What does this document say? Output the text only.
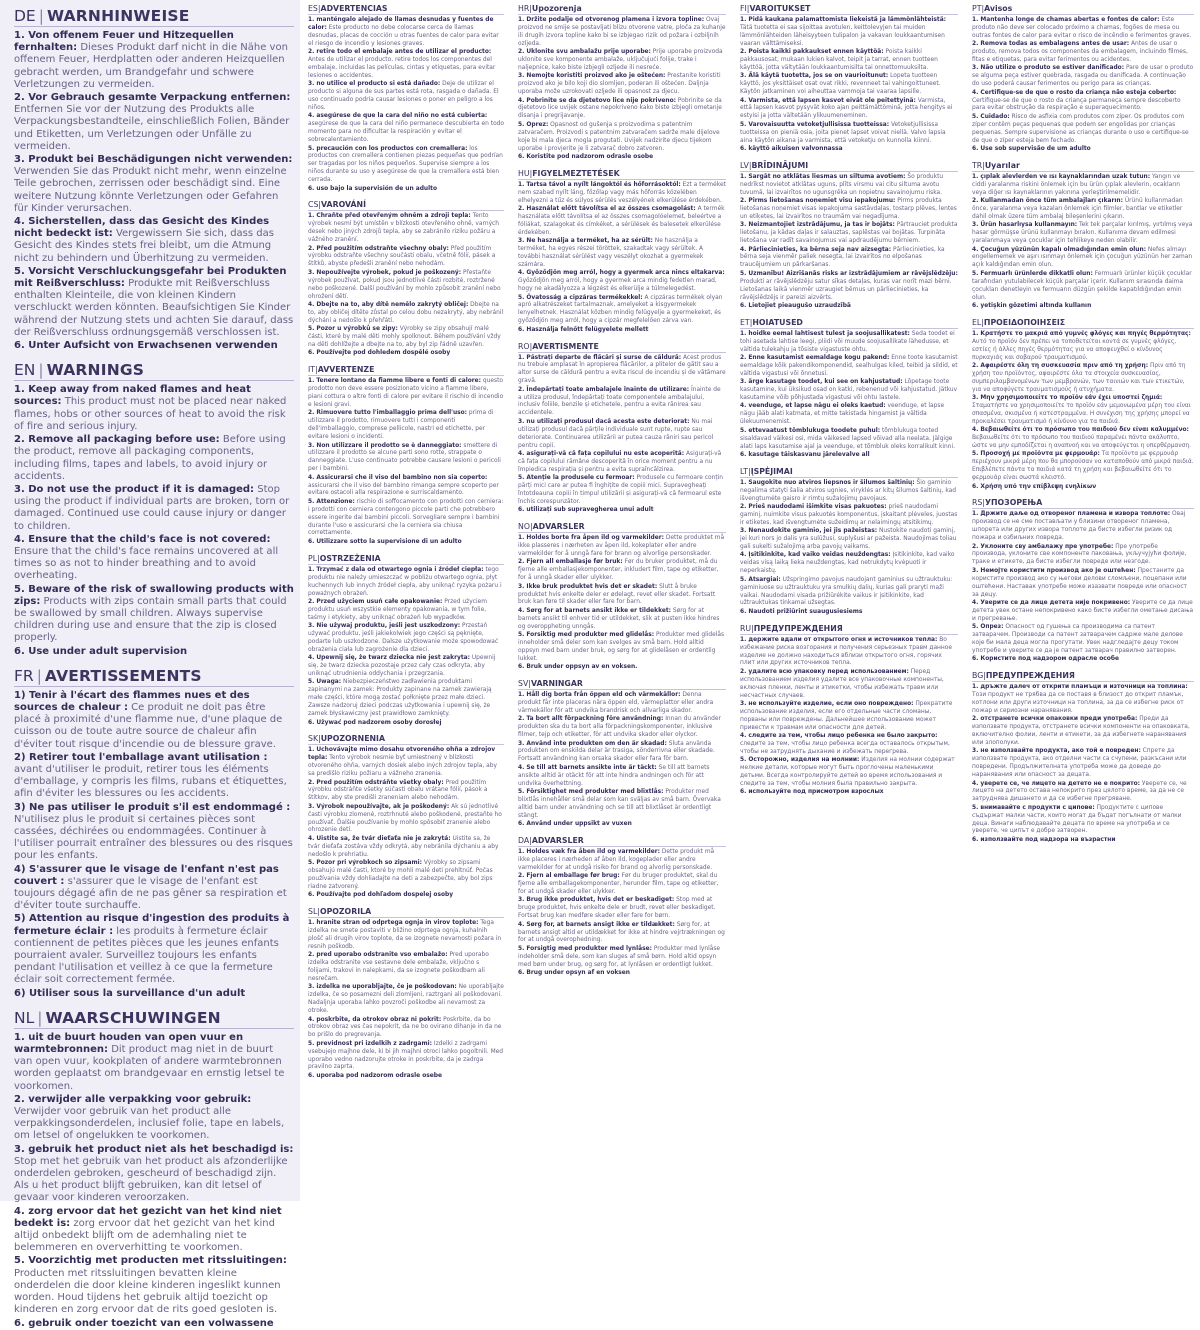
DE | WARNHINWEISE
1. Von offenem Feuer und Hitzequellen fernhalten: Dieses Produkt darf nicht in die Nähe von offenem Feuer, Herdplatten oder anderen Heizquellen gebracht werden, um Brandgefahr und schwere Verletzungen zu vermeiden.
2. Vor Gebrauch gesamte Verpackung entfernen: Entfernen Sie vor der Nutzung des Produkts alle Verpackungsbestandteile, einschließlich Folien, Bänder und Etiketten, um Verletzungen oder Unfälle zu vermeiden.
3. Produkt bei Beschädigungen nicht verwenden: Verwenden Sie das Produkt nicht mehr, wenn einzelne Teile gebrochen, zerrissen oder beschädigt sind. Eine weitere Nutzung könnte Verletzungen oder Gefahren für Kinder verursachen.
4. Sicherstellen, dass das Gesicht des Kindes nicht bedeckt ist: Vergewissern Sie sich, dass das Gesicht des Kindes stets frei bleibt, um die Atmung nicht zu behindern und Überhitzung zu vermeiden.
5. Vorsicht Verschluckungsgefahr bei Produkten mit Reißverschluss: Produkte mit Reißverschluss enthalten Kleinteile, die von kleinen Kindern verschluckt werden könnten. Beaufsichtigen Sie Kinder während der Nutzung stets und achten Sie darauf, dass der Reißverschluss ordnungsgemäß verschlossen ist.
6. Unter Aufsicht von Erwachsenen verwenden
EN | WARNINGS
1. Keep away from naked flames and heat sources: This product must not be placed near naked flames, hobs or other sources of heat to avoid the risk of fire and serious injury.
2. Remove all packaging before use: Before using the product, remove all packaging components, including films, tapes and labels, to avoid injury or accidents.
3. Do not use the product if it is damaged: Stop using the product if individual parts are broken, torn or damaged. Continued use could cause injury or danger to children.
4. Ensure that the child's face is not covered: Ensure that the child's face remains uncovered at all times so as not to hinder breathing and to avoid overheating.
5. Beware of the risk of swallowing products with zips: Products with zips contain small parts that could be swallowed by small children. Always supervise children during use and ensure that the zip is closed properly.
6. Use under adult supervision
FR | AVERTISSEMENTS
1) Tenir à l'écart des flammes nues et des sources de chaleur : Ce produit ne doit pas être placé à proximité d'une flamme nue, d'une plaque de cuisson ou de toute autre source de chaleur afin d'éviter tout risque d'incendie ou de blessure grave.
2) Retirer tout l'emballage avant utilisation : avant d'utiliser le produit, retirer tous les éléments d'emballage, y compris les films, rubans et étiquettes, afin d'éviter les blessures ou les accidents.
3) Ne pas utiliser le produit s'il est endommagé : N'utilisez plus le produit si certaines pièces sont cassées, déchirées ou endommagées. Continuer à l'utiliser pourrait entraîner des blessures ou des risques pour les enfants.
4) S'assurer que le visage de l'enfant n'est pas couvert : s'assurer que le visage de l'enfant est toujours dégagé afin de ne pas gêner sa respiration et d'éviter toute surchauffe.
5) Attention au risque d'ingestion des produits à fermeture éclair : les produits à fermeture éclair contiennent de petites pièces que les jeunes enfants pourraient avaler. Surveillez toujours les enfants pendant l'utilisation et veillez à ce que la fermeture éclair soit correctement fermée.
6) Utiliser sous la surveillance d'un adult
NL | WAARSCHUWINGEN
1. uit de buurt houden van open vuur en warmtebronnen: Dit product mag niet in de buurt van open vuur, kookplaten of andere warmtebronnen worden geplaatst om brandgevaar en ernstig letsel te voorkomen.
2. verwijder alle verpakking voor gebruik: Verwijder voor gebruik van het product alle verpakkingsonderdelen, inclusief folie, tape en labels, om letsel of ongelukken te voorkomen.
3. gebruik het product niet als het beschadigd is: Stop met het gebruik van het product als afzonderlijke onderdelen gebroken, gescheurd of beschadigd zijn. Als u het product blijft gebruiken, kan dit letsel of gevaar voor kinderen veroorzaken.
4. zorg ervoor dat het gezicht van het kind niet bedekt is: zorg ervoor dat het gezicht van het kind altijd onbedekt blijft om de ademhaling niet te belemmeren en oververhitting te voorkomen.
5. Voorzichtig met producten met ritssluitingen: Producten met ritssluitingen bevatten kleine onderdelen die door kleine kinderen ingeslikt kunnen worden. Houd tijdens het gebruik altijd toezicht op kinderen en zorg ervoor dat de rits goed gesloten is.
6. gebruik onder toezicht van een volwassene
ES|ADVERTENCIAS
1. manténgalo alejado de llamas desnudas y fuentes de calor: Este producto no debe colocarse cerca de llamas desnudas, placas de cocción u otras fuentes de calor para evitar el riesgo de incendio y lesiones graves.
2. retire todo el embalaje antes de utilizar el producto: Antes de utilizar el producto, retire todos los componentes del embalaje, incluidas las películas, cintas y etiquetas, para evitar lesiones o accidentes.
3. no utilice el producto si está dañado: Deje de utilizar el producto si alguna de sus partes está rota, rasgada o dañada. El uso continuado podría causar lesiones o poner en peligro a los niños.
4. asegúrese de que la cara del niño no está cubierta: asegúrese de que la cara del niño permanece descubierta en todo momento para no dificultar la respiración y evitar el sobrecalentamiento.
5. precaución con los productos con cremallera: los productos con cremallera contienen piezas pequeñas que podrían ser tragadas por los niños pequeños. Supervise siempre a los niños durante su uso y asegúrese de que la cremallera está bien cerrada.
6. uso bajo la supervisión de un adulto
CS|VAROVÁNÍ
1. Chraňte před otevřeným ohněm a zdroji tepla: Tento výrobek nesmí být umístěn v blízkosti otevřeného ohně, varných desek nebo jiných zdrojů tepla, aby se zabránilo riziku požáru a vážného zranění.
2. Před použitím odstraňte všechny obaly: Před použitím výrobku odstraňte všechny součásti obalu, včetně fólií, pásek a štítků, abyste předešli zranění nebo nehodám.
3. Nepoužívejte výrobek, pokud je poškozený: Přestaňte výrobek používat, pokud jsou jednotlivé části rozbité, roztržené nebo poškozené. Další používání by mohlo způsobit zranění nebo ohrožení dětí.
4. Dbejte na to, aby dítě nemělo zakrytý obličej: Dbejte na to, aby obličej dítěte zůstal po celou dobu nezakrytý, aby nebránil dýchání a nedošlo k přehřátí.
5. Pozor u výrobků se zipy: Výrobky se zipy obsahují malé části, které by malé děti mohly spolknout. Během používání vždy na děti dohlížejte a dbejte na to, aby byl zip řádně uzavřen.
6. Používejte pod dohledem dospělé osoby
IT|AVVERTENZE
1. Tenere lontano da fiamme libere e fonti di calore: questo prodotto non deve essere posizionato vicino a fiamme libere, piani cottura o altre fonti di calore per evitare il rischio di incendio e lesioni gravi.
2. Rimuovere tutto l'imballaggio prima dell'uso: prima di utilizzare il prodotto, rimuovere tutti i componenti dell'imballaggio, comprese pellicole, nastri ed etichette, per evitare lesioni o incidenti.
3. Non utilizzare il prodotto se è danneggiato: smettere di utilizzare il prodotto se alcune parti sono rotte, strappate o danneggiate. L'uso continuato potrebbe causare lesioni o pericoli per i bambini.
4. Assicurarsi che il viso del bambino non sia coperto: assicurarsi che il viso del bambino rimanga sempre scoperto per evitare ostacoli alla respirazione e surriscaldamento.
5. Attenzione: rischio di soffocamento con prodotti con cerniera: i prodotti con cerniera contengono piccole parti che potrebbero essere ingerite dai bambini piccoli. Sorvegliare sempre i bambini durante l'uso e assicurarsi che la cerniera sia chiusa correttamente.
6. Utilizzare sotto la supervisione di un adulto
PL|OSTRZEŻENIA
1. Trzymać z dala od otwartego ognia i źródeł ciepła: tego produktu nie należy umieszczać w pobliżu otwartego ognia, płyt kuchennych lub innych źródeł ciepła, aby uniknąć ryzyka pożaru i poważnych obrażeń.
2. Przed użyciem usuń całe opakowanie: Przed użyciem produktu usuń wszystkie elementy opakowania, w tym folie, taśmy i etykiety, aby uniknąć obrażeń lub wypadków.
3. Nie używaj produktu, jeśli jest uszkodzony: Przestań używać produktu, jeśli jakiekolwiek jego części są pęknięte, podarte lub uszkodzone. Dalsze użytkowanie może spowodować obrażenia ciała lub zagrożenie dla dzieci.
4. Upewnij się, że twarz dziecka nie jest zakryta: Upewnij się, że twarz dziecka pozostaje przez cały czas odkryta, aby uniknąć utrudnienia oddychania i przegrzania.
5. Uwaga: Niebezpieczeństwo zadławienia produktami zapinanymi na zamek: Produkty zapinane na zamek zawierają małe części, które mogą zostać połknięte przez małe dzieci. Zawsze nadzoruj dzieci podczas użytkowania i upewnij się, że zamek błyskawiczny jest prawidłowo zamknięty.
6. Używać pod nadzorem osoby dorosłej
SK|UPOZORNENIA
1. Uchovávajte mimo dosahu otvoreného ohňa a zdrojov tepla: Tento výrobok nesmie byť umiestnený v blízkosti otvoreného ohňa, varných dosiek alebo iných zdrojov tepla, aby sa predišlo riziku požiaru a vážneho zranenia.
2. Pred použitím odstráňte všetky obaly: Pred použitím výrobku odstráňte všetky súčasti obalu vrátane fólií, pások a štítkov, aby ste predišli zraneniam alebo nehodám.
3. Výrobok nepoužívajte, ak je poškodený: Ak sú jednotlivé časti výrobku zlomené, roztrhnuté alebo poškodené, prestaňte ho používať. Ďalšie používanie by mohlo spôsobiť zranenie alebo ohrozenie detí.
4. Uistite sa, že tvár dieťaťa nie je zakrytá: Uistite sa, že tvár dieťaťa zostáva vždy odkrytá, aby nebránila dýchaniu a aby nedošlo k prehriatiu.
5. Pozor pri výrobkoch so zipsami: Výrobky so zipsami obsahujú malé časti, ktoré by mohli malé deti prehltnúť. Počas používania vždy dohliadajte na deti a zabezpečte, aby bol zips riadne zatvorený.
6. Používajte pod dohľadom dospelej osoby
SL|OPOZORILA
1. hranite stran od odprtega ognja in virov toplote: Tega izdelka ne smete postaviti v bližino odprtega ognja, kuhalnih plošč ali drugih virov toplote, da se izognete nevarnosti požara in resnih poškodb.
2. pred uporabo odstranite vso embalažo: Pred uporabo izdelka odstranite vse sestavne dele embalaže, vključno s folijami, trakovi in nalepkami, da se izognete poškodbam ali nesrečam.
3. izdelka ne uporabljajte, če je poškodovan: Ne uporabljajte izdelka, če so posamezni deli zlomljeni, raztrgani ali poškodovani. Nadaljnja uporaba lahko povzroči poškodbe ali nevarnost za otroke.
4. poskrbite, da otrokov obraz ni pokrit: Poskrbite, da bo otrokov obraz ves čas nepokrit, da ne bo oviranо dihanje in da ne bo prišlo do pregrevanja.
5. previdnost pri izdelkih z zadrgami: Izdelki z zadrgami vsebujejo majhne dele, ki bi jih majhni otroci lahko pogoltnili. Med uporabo vedno nadzorujte otroke in poskrbite, da je zadrga pravilno zaprta.
6. uporaba pod nadzorom odrasle osebe
HR|Upozorenja
1. Držite podalje od otvorenog plamena i izvora topline: Ovaj proizvod ne smije se postavljati blizu otvorene vatre, ploča za kuhanje ili drugih izvora topline kako bi se izbjegao rizik od požara i ozbiljnih ozljeda.
2. Uklonite svu ambalažu prije uporabe: Prije uporabe proizvoda uklonite sve komponente ambalaže, uključujući folije, trake i naljepnice, kako biste izbjegli ozljede ili nesreće.
3. Nemojte koristiti proizvod ako je oštećen: Prestanite koristiti proizvod ako je bilo koji dio slomljen, poderan ili oštećen. Daljnja uporaba može uzrokovati ozljede ili opasnost za djecu.
4. Pobrinite se da djetetovo lice nije pokriveno: Pobrinite se da djetetovo lice uvijek ostane nepokriveno kako biste izbjegli ometanje disanja i pregrijavanje.
5. Oprez: Opasnost od gušenja s proizvodima s patentnim zatvaračem. Proizvodi s patentnim zatvaračem sadrže male dijelove koje bi mala djeca mogla progutati. Uvijek nadzirite djecu tijekom uporabe i provjerite je li zatvarač dobro zatvoren.
6. Koristite pod nadzorom odrasle osobe
HU|FIGYELMEZTETÉSEK
1. Tartsa távol a nyílt lángoktól és hőforrásoktól: Ezt a terméket nem szabad nyílt láng, főzőlap vagy más hőforrás közelében elhelyezni a tűz és súlyos sérülés veszélyének elkerülése érdekében.
2. Használat előtt távolítsa el az összes csomagolást: A termék használata előtt távolítsa el az összes csomagolóelemet, beleértve a fóliákat, szalagokat és címkéket, a sérülések és balesetek elkerülése érdekében.
3. Ne használja a terméket, ha az sérült: Ne használja a terméket, ha egyes részei töröttek, szakadtak vagy sérültek. A további használat sérülést vagy veszélyt okozhat a gyermekek számára.
4. Győződjön meg arról, hogy a gyermek arca nincs eltakarva: Győződjön meg arról, hogy a gyermek arca mindig fedetlen marad, hogy ne akadályozza a légzést és elkerülje a túlmelegedést.
5. Óvatosság a cipzáras termékekkel: A cipzáras termékek olyan apró alkatrészeket tartalmaznak, amelyeket a kisgyermekek lenyelhetnek. Használat közben mindig felügyelje a gyermekeket, és győződjön meg arról, hogy a cipzár megfelelően zárva van.
6. Használja felnőtt felügyelete mellett
RO|AVERTISMENTE
1. Păstrați departe de flăcări și surse de căldură: Acest produs nu trebuie amplasat în apropierea flăcărilor, a plitelor de gătit sau a altor surse de căldură pentru a evita riscul de incendiu și de vătămare gravă.
2. Îndepărtați toate ambalajele înainte de utilizare: Înainte de a utiliza produsul, îndepărtați toate componentele ambalajului, inclusiv foliile, benzile și etichetele, pentru a evita rănirea sau accidentele.
3. nu utilizați produsul dacă acesta este deteriorat: Nu mai utilizați produsul dacă părțile individuale sunt rupte, rupte sau deteriorate. Continuarea utilizării ar putea cauza răniri sau pericol pentru copii.
4. asigurați-vă că fața copilului nu este acoperită: Asigurați-vă că fața copilului rămâne descoperită în orice moment pentru a nu împiedica respirația și pentru a evita supraîncălzirea.
5. Atenție la produsele cu fermoar: Produsele cu fermoare conțin părți mici care ar putea fi înghițite de copiii mici. Supravegheați întotdeauna copiii în timpul utilizării și asigurați-vă că fermoarul este închis corespunzător.
6. utilizați sub supravegherea unui adult
NO|ADVARSLER
1. Holdes borte fra åpen ild og varmekilder: Dette produktet må ikke plasseres i nærheten av åpen ild, kokeplater eller andre varmekilder for å unngå fare for brann og alvorlige personskader.
2. Fjern all emballasje før bruk: Før du bruker produktet, må du fjerne alle emballasjekomponenter, inkludert film, tape og etiketter, for å unngå skader eller ulykker.
3. Ikke bruk produktet hvis det er skadet: Slutt å bruke produktet hvis enkelte deler er ødelagt, revet eller skadet. Fortsatt bruk kan føre til skader eller fare for barn.
4. Sørg for at barnets ansikt ikke er tildekket: Sørg for at barnets ansikt til enhver tid er utildekket, slik at pusten ikke hindres og overoppheting unngås.
5. Forsiktig med produkter med glidelås: Produkter med glidelås inneholder små deler som kan svelges av små barn. Hold alltid oppsyn med barn under bruk, og sørg for at glidelåsen er ordentlig lukket.
6. Bruk under oppsyn av en voksen.
SV|VARNINGAR
1. Håll dig borta från öppen eld och värmekällor: Denna produkt får inte placeras nära öppen eld, värmeplattor eller andra värmekällor för att undvika brandrisk och allvarliga skador.
2. Ta bort allt förpackning före användning: Innan du använder produkten ska du ta bort alla förpackningskomponenter, inklusive filmer, tejp och etiketter, för att undvika skador eller olyckor.
3. Använd inte produkten om den är skadad: Sluta använda produkten om enskilda delar är trasiga, sönderrivna eller skadade. Fortsatt användning kan orsaka skador eller fara för barn.
4. Se till att barnets ansikte inte är täckt: Se till att barnets ansikte alltid är otäckt för att inte hindra andningen och för att undvika överhettning.
5. Försiktighet med produkter med blixtlås: Produkter med blixtlås innehåller små delar som kan sväljas av små barn. Övervaka alltid barn under användning och se till att blixtlåset är ordentligt stängt.
6. Använd under uppsikt av vuxen
DA|ADVARSLER
1. Holdes væk fra åben ild og varmekilder: Dette produkt må ikke placeres i nærheden af åben ild, kogeplader eller andre varmekilder for at undgå risiko for brand og alvorlig personskade.
2. Fjern al emballage før brug: Før du bruger produktet, skal du fjerne alle emballagekomponenter, herunder film, tape og etiketter, for at undgå skader eller ulykker.
3. Brug ikke produktet, hvis det er beskadiget: Stop med at bruge produktet, hvis enkelte dele er brudt, revet eller beskadiget. Fortsat brug kan medføre skader eller fare for børn.
4. Sørg for, at barnets ansigt ikke er tildækket: Sørg for, at barnets ansigt altid er utildækket for ikke at hindre vejrtrækningen og for at undgå overophedning.
5. Forsigtig med produkter med lynlåse: Produkter med lynlåse indeholder små dele, som kan sluges af små børn. Hold altid opsyn med børn under brug, og sørg for, at lynlåsen er ordentligt lukket.
6. Brug under opsyn af en voksen
FI|VAROITUKSET
1. Pidä kaukana palamattomista liekeistä ja lämmönlähteistä: Tätä tuotetta ei saa sijoittaa avotulen, keittolevyjen tai muiden lämmönlähteiden läheisyyteen tulipalon ja vakavan loukkaantumisen vaaran välttämiseksi.
2. Poista kaikki pakkaukset ennen käyttöä: Poista kaikki pakkausosat, mukaan lukien kalvot, teipit ja tarrat, ennen tuotteen käyttöä, jotta vältytään loukkaantumisilta tai onnettomuuksilta.
3. Älä käytä tuotetta, jos se on vaurioitunut: Lopeta tuotteen käyttö, jos yksittäiset osat ovat rikki, revenneet tai vahingoittuneet. Käytön jatkaminen voi aiheuttaa vammoja tai vaaraa lapsille.
4. Varmista, että lapsen kasvot eivät ole peitettyinä: Varmista, että lapsen kasvot pysyvät koko ajan peittämättöminä, jotta hengitys ei estyisi ja jotta vältetään ylikuumeneminen.
5. Varovaisuutta vetoketjullisissa tuotteissa: Vetoketjullisissa tuotteissa on pieniä osia, joita pienet lapset voivat niellä. Valvo lapsia aina käytön aikana ja varmista, että vetoketju on kunnolla kiinni.
6. käyttö aikuisen valvonnassa
LV|BRĪDINĀJUMI
1. Sargāt no atklātas liesmas un siltuma avotiem: Šo produktu nedrīkst novietot atklātas uguns, plīts virsmu vai citu siltuma avotu tuvumā, lai izvairītos no ugunsgrēka un nopietnu savainojumu riska.
2. Pirms lietošanas noņemiet visu iepakojumu: Pirms produkta lietošanas noņemiet visas iepakojuma sastāvdaļas, tostarp plēves, lentes un etiķetes, lai izvairītos no traumām vai negadījuma.
3. Neizmantojiet izstrādājumu, ja tas ir bojāts: Pārtrauciet produkta lietošanu, ja kādas daļas ir salauztas, saplēstas vai bojātas. Turpināta lietošana var radīt savainojumus vai apdraudējumu bērniem.
4. Pārliecinieties, ka bērna seja nav aizsegta: Pārliecinieties, ka bērna seja vienmēr paliek nesegta, lai izvairītos no elpošanas traucējumiem un pārkaršanas.
5. Uzmanību! Aizrīšanās risks ar izstrādājumiem ar rāvējslēdzēju: Produkti ar rāvējslēdzēju satur sīkas detaļas, kuras var norīt mazi bērni. Lietošanas laikā vienmēr uzraugiet bērnus un pārliecinieties, ka rāvējslēdzējs ir pareizi aizvērts.
6. Lietojiet pieaugušo uzraudzībā
ET|HOIATUSED
1. hoidke eemal lahtisest tulest ja soojusallikatest: Seda toodet ei tohi asetada lahtise leegi, pliidi või muude soojusallikate lähedusse, et vältida tulekahju ja tõsiste vigastuste ohtu.
2. Enne kasutamist eemaldage kogu pakend: Enne toote kasutamist eemaldage kõik pakendikomponendid, sealhulgas kiled, teibid ja sildid, et vältida vigastusi või õnnetusi.
3. ärge kasutage toodet, kui see on kahjustatud: Lõpetage toote kasutamine, kui üksikud osad on katki, rebenenud või kahjustatud. Jätkuv kasutamine võib põhjustada vigastusi või ohtu lastele.
4. veenduge, et lapse nägu ei oleks kaetud: veenduge, et lapse nägu jääb alati katmata, et mitte takistada hingamist ja vältida ülekuumenemist.
5. ettevaatust tõmblukuga toodete puhul: tõmblukuga tooted sisaldavad väikesi osi, mida väikesed lapsed võivad alla neelata. Jälgige alati laps kasutamise ajal ja veenduge, et tõmbluk oleks korralikult kinni.
6. kasutage täiskasvanu järelevalve all
LT|ĮSPĖJIMAI
1. Saugokite nuo atviros liepsnos ir šilumos šaltinių: Šio gaminio negalima statyti šalia atviros ugnies, viryklės ar kitų šilumos šaltinių, kad išvengtumėte gaisro ir rimtų sužalojimų pavojaus.
2. Prieš naudodami išimkite visas pakuotes: prieš naudodami gaminį, nuimkite visus pakuotės komponentus, įskaitant plėveles, juostas ir etiketes, kad išvengtumėte sužeidimų ar nelaimingų atsitikimų.
3. Nenaudokite gaminio, jei jis pažeistas: Nustokite naudoti gaminį, jei kuri nors jo dalis yra sulūžusi, suplyšusi ar pažeista. Naudojimas toliau gali sukelti sužalojimą arba pavojų vaikams.
4. Įsitikinkite, kad vaiko veidas neuždengtas: Įsitikinkite, kad vaiko veidas visą laiką lieka neuždengtas, kad netrukdytų kvėpuoti ir neperkaistų.
5. Atsargiai: Užspringimo pavojus naudojant gaminius su užtrauktuku: gaminiuose su užtrauktuku yra smulkių dalių, kurias gali praryti maži vaikai. Naudodami visada prižiūrėkite vaikus ir įsitikinkite, kad užtrauktukas tinkamai užsegtas.
6. Naudoti prižiūrint suaugusiesiems
RU|ПРЕДУПРЕЖДЕНИЯ
1. держите вдали от открытого огня и источников тепла: Во избежание риска возгорания и получения серьезных травм данное изделие не должно находиться вблизи открытого огня, горячих плит или других источников тепла.
2. удалите всю упаковку перед использованием: Перед использованием изделия удалите все упаковочные компоненты, включая пленки, ленты и этикетки, чтобы избежать травм или несчастных случаев.
3. не используйте изделие, если оно повреждено: Прекратите использование изделия, если его отдельные части сломаны, порваны или повреждены. Дальнейшее использование может привести к травмам или опасности для детей.
4. следите за тем, чтобы лицо ребенка не было закрыто: следите за тем, чтобы лицо ребенка всегда оставалось открытым, чтобы не затруднять дыхание и избежать перегрева.
5. Осторожно, изделия на молнии: Изделия на молнии содержат мелкие детали, которые могут быть проглочены маленькими детьми. Всегда контролируйте детей во время использования и следите за тем, чтобы молния была правильно закрыта.
6. используйте под присмотром взрослых
PT|Avisos
1. Mantenha longe de chamas abertas e fontes de calor: Este produto não deve ser colocado próximo a chamas, fogões de mesa ou outras fontes de calor para evitar o risco de incêndio e ferimentos graves.
2. Remova todas as embalagens antes de usar: Antes de usar o produto, remova todos os componentes da embalagem, incluindo filmes, fitas e etiquetas, para evitar ferimentos ou acidentes.
3. Não utilize o produto se estiver danificado: Pare de usar o produto se alguma peça estiver quebrada, rasgada ou danificada. A continuação do uso poderá causar ferimentos ou perigo para as crianças.
4. Certifique-se de que o rosto da criança não esteja coberto: Certifique-se de que o rosto da criança permaneça sempre descoberto para evitar obstrução da respiração e superaquecimento.
5. Cuidado: Risco de asfixia com produtos com zíper. Os produtos com zíper contêm peças pequenas que podem ser engolidas por crianças pequenas. Sempre supervisione as crianças durante o uso e certifique-se de que o zíper esteja bem fechado.
6. Use sob supervisão de um adulto
TR|Uyarılar
1. çıplak alevlerden ve ısı kaynaklarından uzak tutun: Yangın ve ciddi yaralanma riskini önlemek için bu ürün çıplak alevlerin, ocakların veya diğer ısı kaynaklarının yakınına yerleştirilmemelidir.
2. Kullanmadan önce tüm ambalajları çıkarın: Ürünü kullanmadan önce, yaralanma veya kazaları önlemek için filmler, bantlar ve etiketler dahil olmak üzere tüm ambalaj bileşenlerini çıkarın.
3. Ürün hasarlıysa kullanmayın: Tek tek parçalar kırılmış, yırtılmış veya hasar görmüşse ürünü kullanmayı bırakın. Kullanıma devam edilmesi yaralanmaya veya çocuklar için tehlikeye neden olabilir.
4. Çocuğun yüzünün kapalı olmadığından emin olun: Nefes almayı engellememek ve aşırı ısınmayı önlemek için çocuğun yüzünün her zaman açık kaldığından emin olun.
5. Fermuarlı ürünlerde dikkatli olun: Fermuarlı ürünler küçük çocuklar tarafından yutulabilecek küçük parçalar içerir. Kullanım sırasında daima çocukları denetleyin ve fermuarın düzgün şekilde kapatıldığından emin olun.
6. yetişkin gözetimi altında kullanın
EL|ΠΡΟΕΙΔΟΠΟΙΗΣΕΙΣ
1. Κρατήστε το μακριά από γυμνές φλόγες και πηγές θερμότητας: Αυτό το προϊόν δεν πρέπει να τοποθετείται κοντά σε γυμνές φλόγες, εστίες ή άλλες πηγές θερμότητας για να αποφευχθεί ο κίνδυνος πυρκαγιάς και σοβαρού τραυματισμού.
2. Αφαιρέστε όλη τη συσκευασία πριν από τη χρήση: Πριν από τη χρήση του προϊόντος, αφαιρέστε όλα τα στοιχεία συσκευασίας, συμπεριλαμβανομένων των μεμβρανών, των ταινιών και των ετικετών, για να αποφύγετε τραυματισμούς ή ατυχήματα.
3. Μην χρησιμοποιείτε το προϊόν εάν έχει υποστεί ζημιά: Σταματήστε να χρησιμοποιείτε το προϊόν εάν μεμονωμένα μέρη του είναι σπασμένα, σκισμένα ή κατεστραμμένα. Η συνέχιση της χρήσης μπορεί να προκαλέσει τραυματισμό ή κίνδυνο για τα παιδιά.
4. Βεβαιωθείτε ότι το πρόσωπο του παιδιού δεν είναι καλυμμένο: Βεβαιωθείτε ότι το πρόσωπο του παιδιού παραμένει πάντα ακάλυπτο, ώστε να μην εμποδίζεται η αναπνοή και να αποφεύγεται η υπερθέρμανση.
5. Προσοχή με προϊόντα με φερμουάρ: Τα προϊόντα με φερμουάρ περιέχουν μικρά μέρη που θα μπορούσαν να καταποθούν από μικρά παιδιά. Επιβλέπετε πάντα τα παιδιά κατά τη χρήση και βεβαιωθείτε ότι το φερμουάρ είναι σωστά κλειστό.
6. Χρήση υπό την επίβλεψη ενηλίκων
RS|УПОЗОРЕЊА
1. Држите даље од отвореног пламена и извора топлоте: Овај производ се не сме постављати у близини отвореног пламена, шпорета или других извора топлоте да бисте избегли ризик од пожара и озбиљних повреда.
2. Уклоните сву амбалажу пре употребе: Пре употребе производа, уклоните све компоненте паковања, укључујући фолије, траке и етикете, да бисте избегли повреде или незгоде.
3. Немојте користити производ ако је оштећен: Престаните да користите производ ако су његови делови сломљени, поцепани или оштећени. Наставак употребе може изазвати повреде или опасност за децу.
4. Уверите се да лице детета није покривено: Уверите се да лице детета увек остане непокривено како бисте избегли ометање дисања и прегревање.
5. Опрез: Опасност од гушења са производима са патент затварачем. Производи са патент затварачем садрже мале делове које би мала деца могла прогутати. Увек надгледајте децу током употребе и уверите се да је патент затварач правилно затворен.
6. Користите под надзором одрасле особе
BG|ПРЕДУПРЕЖДЕНИЯ
1. дръжте далеч от открити пламъци и източници на топлина: Този продукт не трябва да се поставя в близост до открит пламък, котлони или други източници на топлина, за да се избегне риск от пожар и сериозни наранявания.
2. отстранете всички опаковки преди употреба: Преди да използвате продукта, отстранете всички компоненти на опаковката, включително фолии, ленти и етикети, за да избегнете наранявания или злополуки.
3. не използвайте продукта, ако той е повреден: Спрете да използвате продукта, ако отделни части са счупени, разкъсани или повредени. Продължителната употреба може да доведе до наранявания или опасност за децата.
4. уверете се, че лицето на детето не е покрито: Уверете се, че лицето на детето остава непокрито през цялото време, за да не се затруднява дишането и да се избегне прегряване.
5. внимавайте с продукти с ципове: Продуктите с ципове съдържат малки части, които могат да бъдат погълнати от малки деца. Винаги наблюдавайте децата по време на употреба и се уверете, че ципът е добре затворен.
6. използвайте под надзора на възрастни
